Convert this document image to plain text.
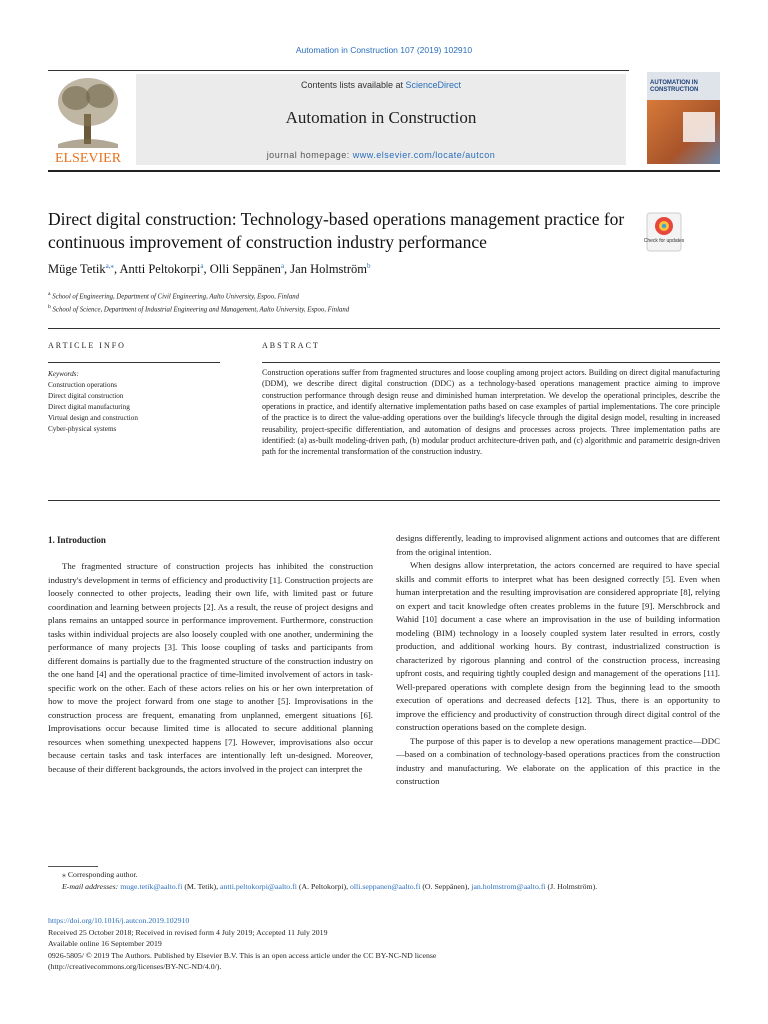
Automation in Construction 107 (2019) 102910
ELSEVIER
Contents lists available at ScienceDirect
Automation in Construction
journal homepage: www.elsevier.com/locate/autcon
AUTOMATION IN
CONSTRUCTION
Direct digital construction: Technology-based operations management practice for continuous improvement of construction industry performance	Check for updates
Müge Tetik$^{a,⁎}$, Antti Peltokorpi$^a$, Olli Seppänen$^a$, Jan Holmström$^b$
$^a$ School of Engineering, Department of Civil Engineering, Aalto University, Espoo, Finland
$^b$ School of Science, Department of Industrial Engineering and Management, Aalto University, Espoo, Finland
ARTICLE INFO	ABSTRACT
Keywords:
Construction operations
Direct digital construction
Direct digital manufacturing
Virtual design and construction
Cyber-physical systems
Construction operations suffer from fragmented structures and loose coupling among project actors. Building on direct digital manufacturing (DDM), we describe direct digital construction (DDC) as a technology-based operations management practice aiming to improve construction performance through design reuse and diminished human interpretation. We develop the operational principles, describe the operations in practice, and identify alternative implementation paths based on case examples of partial implementations. The core principle of the practice is to direct the value-adding operations over the building's lifecycle through the digital design model, resulting in increased reusability, project-specific differentiation, and automation of designs and processes across projects. Three implementation paths are identified: (a) as-built modeling-driven path, (b) modular product architecture-driven path, and (c) algorithmic and parametric design-driven path for the incremental transformation of the construction industry.
1. Introduction

The fragmented structure of construction projects has inhibited the construction industry's development in terms of efficiency and productivity [1]. Construction projects are loosely connected to other projects, leading their own life, with limited past or future coordination and learning between projects [2]. As a result, the reuse of project designs and plans remains an untapped source in performance improvement. Furthermore, construction tasks within individual projects are also loosely coupled with one another, undermining the performance of many projects [3]. This loose coupling of tasks and participants from different domains is partially due to the fragmented structure of the construction industry on the one hand [4] and the operational practice of time-limited involvement of actors in task-specific work on the other. Each of these actors relies on his or her own interpretation of how to move the project forward from one stage to another [5]. Improvisations in the construction process are frequent, emanating from unplanned, emergent situations [6]. Improvisations occur because limited time is allocated to secure additional planning resources when something unexpected happens [7]. However, improvisations also occur because certain tasks and task interfaces are intentionally left un-designed. Moreover, because of their different backgrounds, the actors involved in the project can interpret the

designs differently, leading to improvised alignment actions and outcomes that are different from the original intention.

When designs allow interpretation, the actors concerned are required to have special skills and commit efforts to interpret what has been designed correctly [5]. Even when human interpretation and the resulting improvisation are considered appropriate [8], relying on expert and tacit knowledge often creates problems in the future [9]. Merschbrock and Wahid [10] document a case where an improvisation in the use of building information modeling (BIM) technology in a loosely coupled system later resulted in errors, costly production, and additional working hours. By contrast, industrialized construction is characterized by rigorous planning and control of the construction process, increasing upfront costs, and requiring tightly coupled design and management of the operations [11]. Well-prepared operations with complete design from the beginning lead to the smooth execution of operations and decreased defects [12]. Thus, there is an opportunity to improve the efficiency and productivity of construction through direct digital control of the construction operations based on the complete design.

The purpose of this paper is to develop a new operations management practice—DDC—based on a combination of technology-based operations practices from the construction industry and manufacturing. We elaborate on the application of this practice in the construction

⁎ Corresponding author.
E-mail addresses: muge.tetik@aalto.fi (M. Tetik), antti.peltokorpi@aalto.fi (A. Peltokorpi), olli.seppanen@aalto.fi (O. Seppänen), jan.holmstrom@aalto.fi (J. Holmström).
https://doi.org/10.1016/j.autcon.2019.102910
Received 25 October 2018; Received in revised form 4 July 2019; Accepted 11 July 2019
Available online 16 September 2019
0926-5805/ © 2019 The Authors. Published by Elsevier B.V. This is an open access article under the CC BY-NC-ND license
(http://creativecommons.org/licenses/BY-NC-ND/4.0/).
